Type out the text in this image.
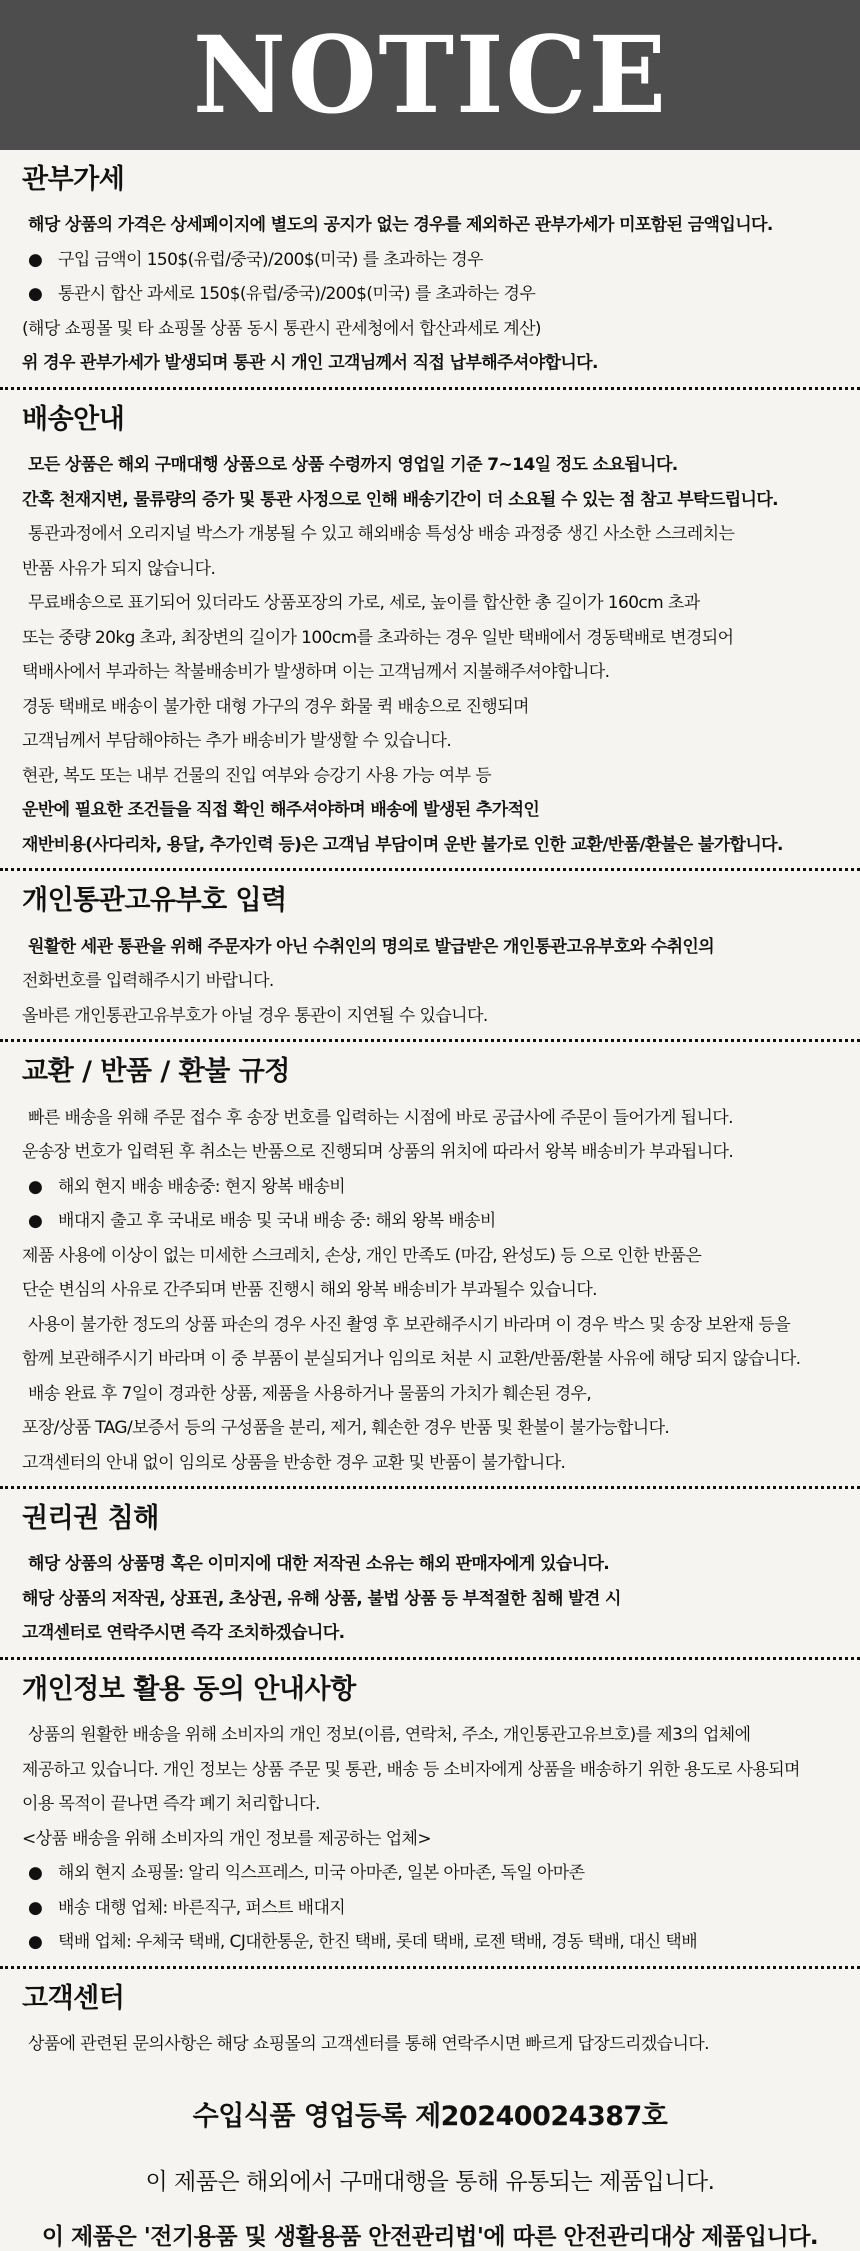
NOTICE
관부가세
해당 상품의 가격은 상세페이지에 별도의 공지가 없는 경우를 제외하곤 관부가세가 미포함된 금액입니다.
● 구입 금액이 150$(유럽/중국)/200$(미국) 를 초과하는 경우
● 통관시 합산 과세로 150$(유럽/중국)/200$(미국) 를 초과하는 경우
(해당 쇼핑몰 및 타 쇼핑몰 상품 동시 통관시 관세청에서 합산과세로 계산)
위 경우 관부가세가 발생되며 통관 시 개인 고객님께서 직접 납부해주셔야합니다.
배송안내
모든 상품은 해외 구매대행 상품으로 상품 수령까지 영업일 기준 7~14일 정도 소요됩니다.
간혹 천재지변, 물류량의 증가 및 통관 사정으로 인해 배송기간이 더 소요될 수 있는 점 참고 부탁드립니다.
통관과정에서 오리지널 박스가 개봉될 수 있고 해외배송 특성상 배송 과정중 생긴 사소한 스크레치는
반품 사유가 되지 않습니다.
무료배송으로 표기되어 있더라도 상품포장의 가로, 세로, 높이를 합산한 총 길이가 160cm 초과
또는 중량 20kg 초과, 최장변의 길이가 100cm를 초과하는 경우 일반 택배에서 경동택배로 변경되어
택배사에서 부과하는 착불배송비가 발생하며 이는 고객님께서 지불해주셔야합니다.
경동 택배로 배송이 불가한 대형 가구의 경우 화물 퀵 배송으로 진행되며
고객님께서 부담해야하는 추가 배송비가 발생할 수 있습니다.
현관, 복도 또는 내부 건물의 진입 여부와 승강기 사용 가능 여부 등
운반에 필요한 조건들을 직접 확인 해주셔야하며 배송에 발생된 추가적인
재반비용(사다리차, 용달, 추가인력 등)은 고객님 부담이며 운반 불가로 인한 교환/반품/환불은 불가합니다.
개인통관고유부호 입력
원활한 세관 통관을 위해 주문자가 아닌 수취인의 명의로 발급받은 개인통관고유부호와 수취인의
전화번호를 입력해주시기 바랍니다.
올바른 개인통관고유부호가 아닐 경우 통관이 지연될 수 있습니다.
교환 / 반품 / 환불 규정
빠른 배송을 위해 주문 접수 후 송장 번호를 입력하는 시점에 바로 공급사에 주문이 들어가게 됩니다.
운송장 번호가 입력된 후 취소는 반품으로 진행되며 상품의 위치에 따라서 왕복 배송비가 부과됩니다.
● 해외 현지 배송 배송중: 현지 왕복 배송비
● 배대지 출고 후 국내로 배송 및 국내 배송 중: 해외 왕복 배송비
제품 사용에 이상이 없는 미세한 스크레치, 손상, 개인 만족도 (마감, 완성도) 등 으로 인한 반품은
단순 변심의 사유로 간주되며 반품 진행시 해외 왕복 배송비가 부과될수 있습니다.
사용이 불가한 정도의 상품 파손의 경우 사진 촬영 후 보관해주시기 바라며 이 경우 박스 및 송장 보완재 등을
함께 보관해주시기 바라며 이 중 부품이 분실되거나 임의로 처분 시 교환/반품/환불 사유에 해당 되지 않습니다.
배송 완료 후 7일이 경과한 상품, 제품을 사용하거나 물품의 가치가 훼손된 경우,
포장/상품 TAG/보증서 등의 구성품을 분리, 제거, 훼손한 경우 반품 및 환불이 불가능합니다.
고객센터의 안내 없이 임의로 상품을 반송한 경우 교환 및 반품이 불가합니다.
권리권 침해
해당 상품의 상품명 혹은 이미지에 대한 저작권 소유는 해외 판매자에게 있습니다.
해당 상품의 저작권, 상표권, 초상권, 유해 상품, 불법 상품 등 부적절한 침해 발견 시
고객센터로 연락주시면 즉각 조치하겠습니다.
개인정보 활용 동의 안내사항
상품의 원활한 배송을 위해 소비자의 개인 정보(이름, 연락처, 주소, 개인통관고유브호)를 제3의 업체에
제공하고 있습니다. 개인 정보는 상품 주문 및 통관, 배송 등 소비자에게 상품을 배송하기 위한 용도로 사용되며
이용 목적이 끝나면 즉각 폐기 처리합니다.
<상품 배송을 위해 소비자의 개인 정보를 제공하는 업체>
● 해외 현지 쇼핑몰: 알리 익스프레스, 미국 아마존, 일본 아마존, 독일 아마존
● 배송 대행 업체: 바른직구, 퍼스트 배대지
● 택배 업체: 우체국 택배, CJ대한통운, 한진 택배, 롯데 택배, 로젠 택배, 경동 택배, 대신 택배
고객센터
상품에 관련된 문의사항은 해당 쇼핑몰의 고객센터를 통해 연락주시면 빠르게 답장드리겠습니다.
수입식품 영업등록 제20240024387호
이 제품은 해외에서 구매대행을 통해 유통되는 제품입니다.
이 제품은 '전기용품 및 생활용품 안전관리법'에 따른 안전관리대상 제품입니다.
